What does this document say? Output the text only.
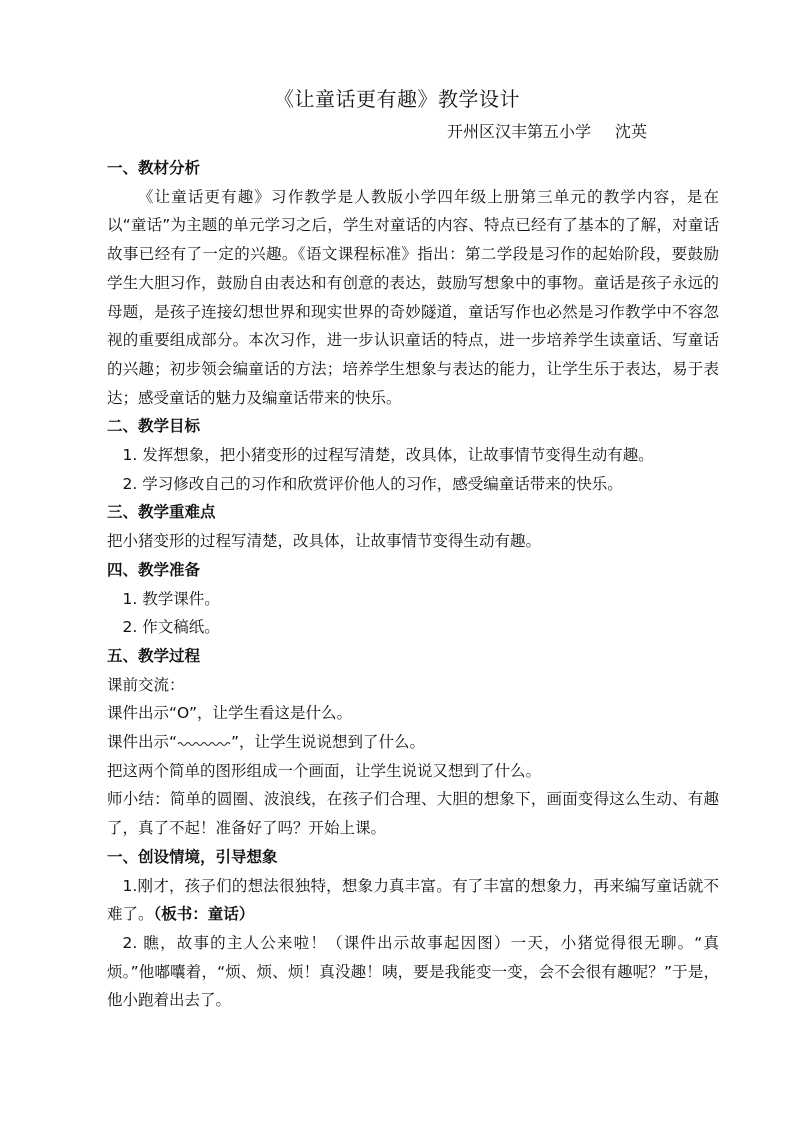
《让童话更有趣》教学设计
开州区汉丰第五小学 沈英

一、教材分析

《让童话更有趣》习作教学是人教版小学四年级上册第三单元的教学内容，是在以“童话”为主题的单元学习之后，学生对童话的内容、特点已经有了基本的了解，对童话故事已经有了一定的兴趣。《语文课程标准》指出：第二学段是习作的起始阶段，要鼓励学生大胆习作，鼓励自由表达和有创意的表达，鼓励写想象中的事物。童话是孩子永远的母题，是孩子连接幻想世界和现实世界的奇妙隧道，童话写作也必然是习作教学中不容忽视的重要组成部分。本次习作，进一步认识童话的特点，进一步培养学生读童话、写童话的兴趣；初步领会编童话的方法；培养学生想象与表达的能力，让学生乐于表达，易于表达；感受童话的魅力及编童话带来的快乐。

二、教学目标

1. 发挥想象，把小猪变形的过程写清楚，改具体，让故事情节变得生动有趣。

2. 学习修改自己的习作和欣赏评价他人的习作，感受编童话带来的快乐。

三、教学重难点

把小猪变形的过程写清楚，改具体，让故事情节变得生动有趣。

四、教学准备

1. 教学课件。

2. 作文稿纸。

五、教学过程

课前交流：

课件出示“O”，让学生看这是什么。

课件出示“	”，让学生说说想到了什么。

把这两个简单的图形组成一个画面，让学生说说又想到了什么。

师小结：简单的圆圈、波浪线，在孩子们合理、大胆的想象下，画面变得这么生动、有趣了，真了不起！准备好了吗？开始上课。

一、创设情境，引导想象

1.刚才，孩子们的想法很独特，想象力真丰富。有了丰富的想象力，再来编写童话就不难了。（板书：童话）

2. 瞧，故事的主人公来啦！（课件出示故事起因图）一天，小猪觉得很无聊。“真烦。”他嘟囔着，“烦、烦、烦！真没趣！咦，要是我能变一变，会不会很有趣呢？”于是，他小跑着出去了。
